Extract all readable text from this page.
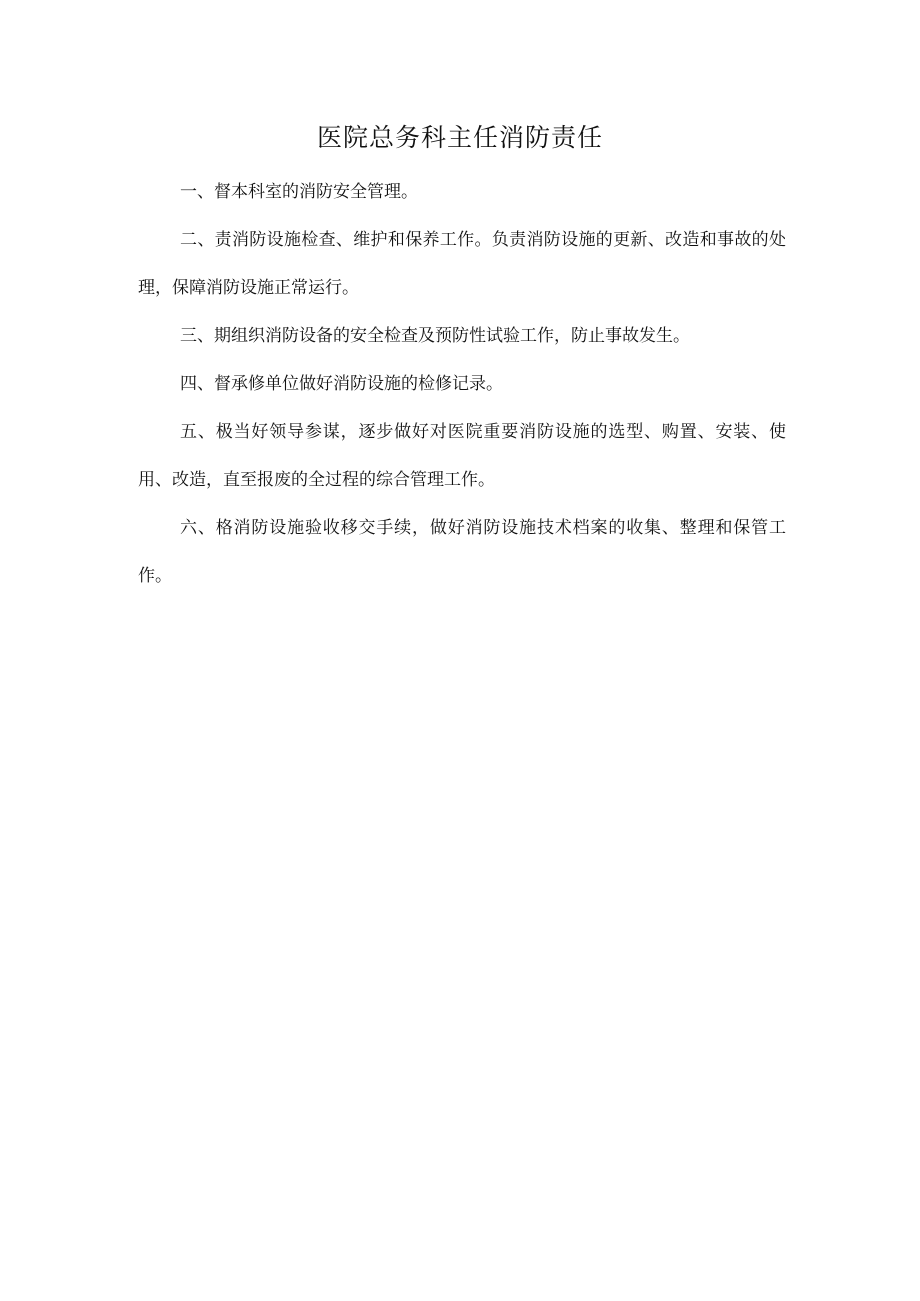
医院总务科主任消防责任

一、督本科室的消防安全管理。

二、责消防设施检查、维护和保养工作。负责消防设施的更新、改造和事故的处理，保障消防设施正常运行。

三、期组织消防设备的安全检查及预防性试验工作，防止事故发生。

四、督承修单位做好消防设施的检修记录。

五、极当好领导参谋，逐步做好对医院重要消防设施的选型、购置、安装、使用、改造，直至报废的全过程的综合管理工作。

六、格消防设施验收移交手续，做好消防设施技术档案的收集、整理和保管工作。
